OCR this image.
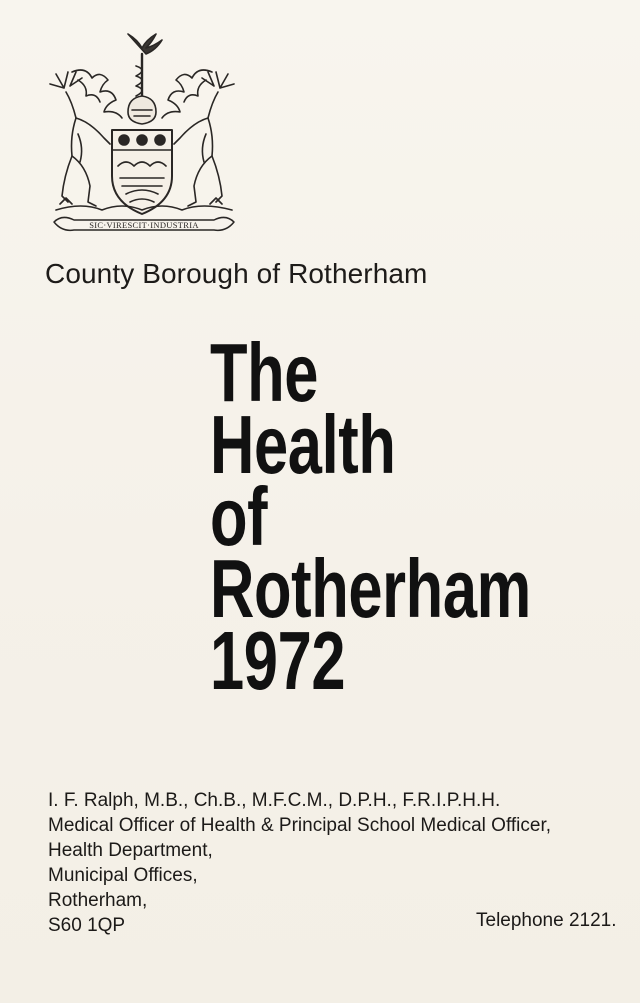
SIC·VIRESCIT·INDUSTRIA
County Borough of Rotherham
The
Health
of
Rotherham
1972
I. F. Ralph, M.B., Ch.B., M.F.C.M., D.P.H., F.R.I.P.H.H.
Medical Officer of Health & Principal School Medical Officer,
Health Department,
Municipal Offices,
Rotherham,
S60 1QP	Telephone 2121.
